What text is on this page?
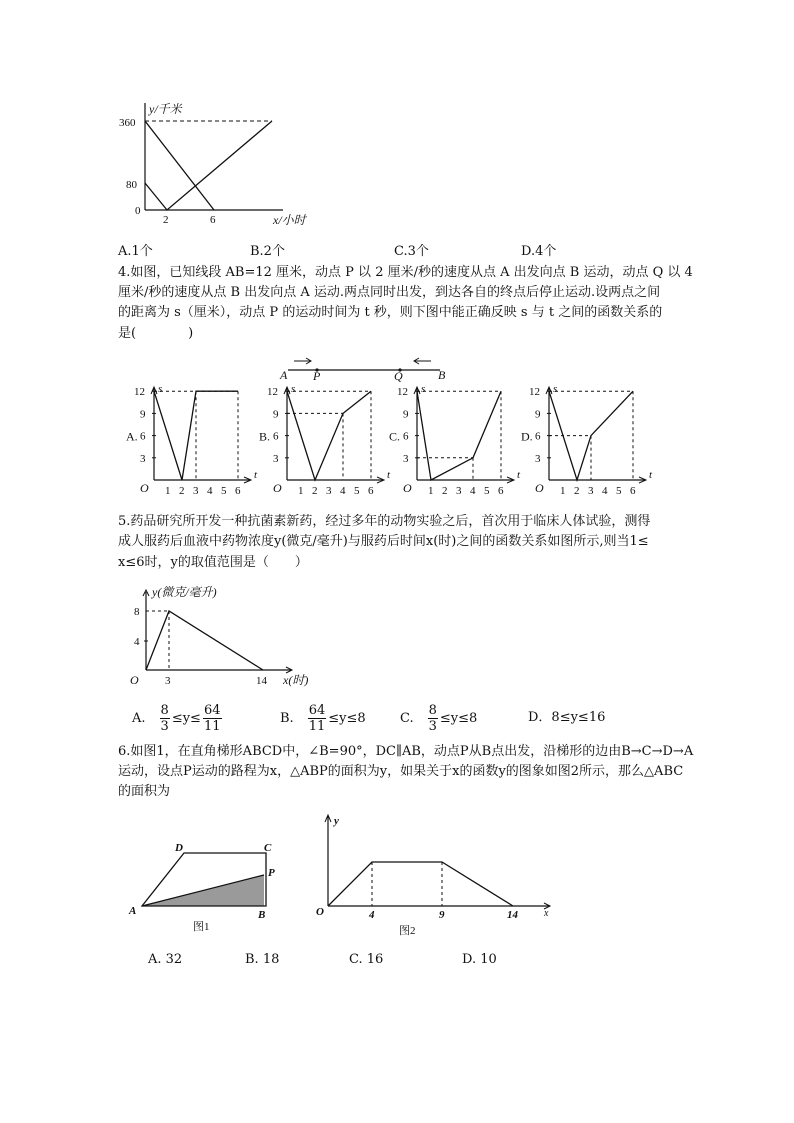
y/千米
360
80
0
2	6	x/小时
A.1个	B.2个	C.3个	D.4个
4.如图，已知线段 AB=12 厘米，动点 P 以 2 厘米/秒的速度从点 A 出发向点 B 运动，动点 Q 以 4
厘米/秒的速度从点 B 出发向点 A 运动.两点同时出发，到达各自的终点后停止运动.设两点之间
的距离为 s（厘米），动点 P 的运动时间为 t 秒，则下图中能正确反映 s 与 t 之间的函数关系的
是(　　　　)
A P	Q	B
12
9
6
3
1 2 3 4 5 6
O
s
t
A.
12
9
6
3
1 2 3 4 5 6
O
s
t
B.
12
9
6
3
1 2 3 4 5 6
O
s
t
C.
12
9
6
3
1 2 3 4 5 6
O
s
t
D.
5.药品研究所开发一种抗菌素新药，经过多年的动物实验之后，首次用于临床人体试验，测得
成人服药后血液中药物浓度y(微克/毫升)与服药后时间x(时)之间的函数关系如图所示,则当1≤
x≤6时，y的取值范围是（　　）
y(微克/毫升)
8
4
O 3	14 x(时)
A. $\frac{8}{3} \le y\le \frac{64}{11}$	B. $\frac{64}{11} \le y\le 8$	C. $\frac{8}{3} \le y\le 8$	D．8≤y≤16
6.如图1，在直角梯形ABCD中，∠B=90°，DC∥AB，动点P从B点出发，沿梯形的边由B→C→D→A
运动，设点P运动的路程为x，△ABP的面积为y，如果关于x的函数y的图象如图2所示，那么△ABC
的面积为
D	C
P
A	B
图1
y
O	4	9	14	x
图2
A. 32	B. 18	C. 16	D. 10
